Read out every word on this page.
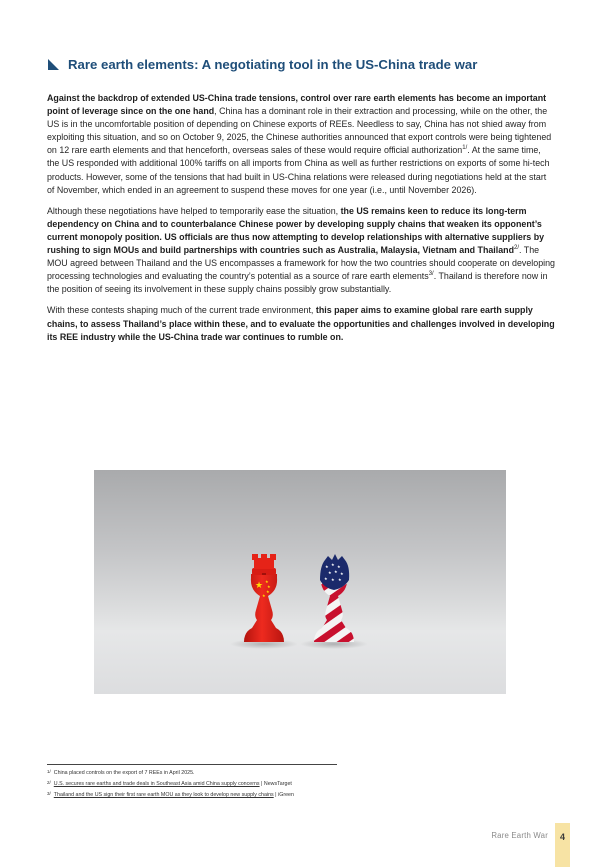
Rare earth elements: A negotiating tool in the US-China trade war

Against the backdrop of extended US-China trade tensions, control over rare earth elements has become an important point of leverage since on the one hand, China has a dominant role in their extraction and processing, while on the other, the US is in the uncomfortable position of depending on Chinese exports of REEs. Needless to say, China has not shied away from exploiting this situation, and so on October 9, 2025, the Chinese authorities announced that export controls were being tightened on 12 rare earth elements and that henceforth, overseas sales of these would require official authorization$^{1/}$. At the same time, the US responded with additional 100% tariffs on all imports from China as well as further restrictions on exports of some hi-tech products. However, some of the tensions that had built in US-China relations were released during negotiations held at the start of November, which ended in an agreement to suspend these moves for one year (i.e., until November 2026).

Although these negotiations have helped to temporarily ease the situation, the US remains keen to reduce its long-term dependency on China and to counterbalance Chinese power by developing supply chains that weaken its opponent’s current monopoly position. US officials are thus now attempting to develop relationships with alternative suppliers by rushing to sign MOUs and build partnerships with countries such as Australia, Malaysia, Vietnam and Thailand$^{2/}$. The MOU agreed between Thailand and the US encompasses a framework for how the two countries should cooperate on developing processing technologies and evaluating the country’s potential as a source of rare earth elements$^{3/}$. Thailand is therefore now in the position of seeing its involvement in these supply chains possibly grow substantially.

With these contests shaping much of the current trade environment, this paper aims to examine global rare earth supply chains, to assess Thailand’s place within these, and to evaluate the opportunities and challenges involved in developing its REE industry while the US-China trade war continues to rumble on.

★ ★
★
★
★
★ ★ ★
★ ★ ★
★ ★ ★
1/ China placed controls on the export of 7 REEs in April 2025.
2/ U.S. secures rare earths and trade deals in Southeast Asia amid China supply concerns | NewsTarget
3/ Thailand and the US sign their first rare earth MOU as they look to develop new supply chains | iGreen
Rare Earth War	4
